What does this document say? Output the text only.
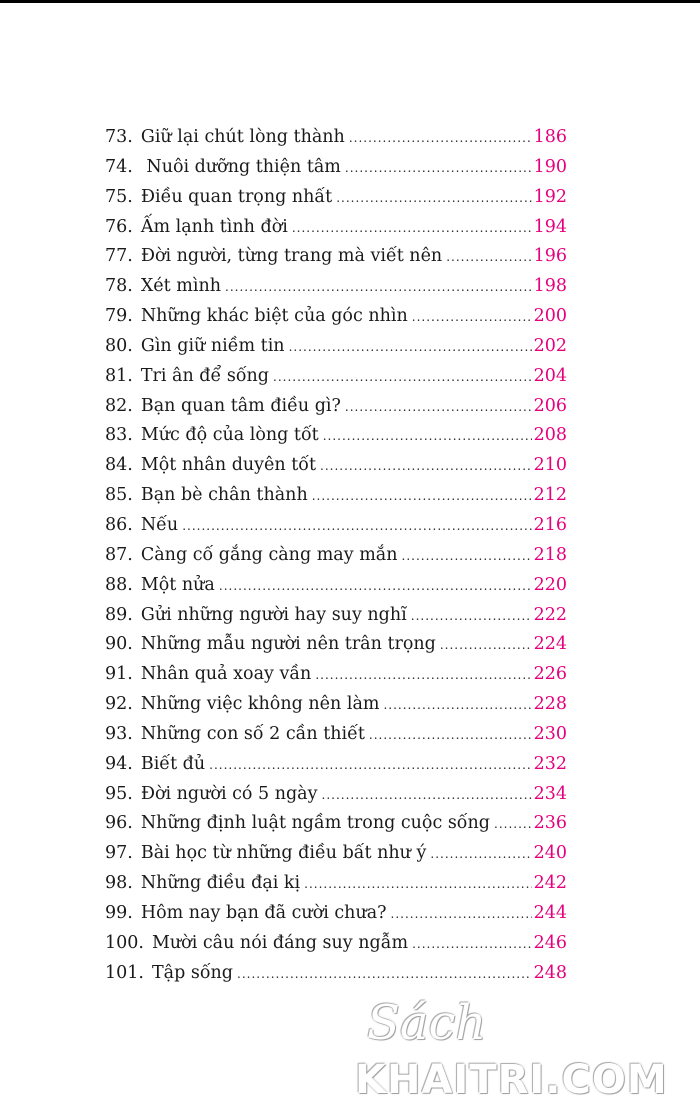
73. Giữ lại chút lòng thành .....	186
74. Nuôi dưỡng thiện tâm .....	190
75. Điều quan trọng nhất .....	192
76. Ấm lạnh tình đời .....	194
77. Đời người, từng trang mà viết nên .....	196
78. Xét mình .....	198
79. Những khác biệt của góc nhìn .....	200
80. Gìn giữ niềm tin .....	202
81. Tri ân để sống .....	204
82. Bạn quan tâm điều gì? .....	206
83. Mức độ của lòng tốt .....	208
84. Một nhân duyên tốt .....	210
85. Bạn bè chân thành .....	212
86. Nếu .....	216
87. Càng cố gắng càng may mắn .....	218
88. Một nửa .....	220
89. Gửi những người hay suy nghĩ .....	222
90. Những mẫu người nên trân trọng .....	224
91. Nhân quả xoay vần .....	226
92. Những việc không nên làm .....	228
93. Những con số 2 cần thiết .....	230
94. Biết đủ .....	232
95. Đời người có 5 ngày .....	234
96. Những định luật ngầm trong cuộc sống ..... 236
97. Bài học từ những điều bất như ý .....	240
98. Những điều đại kị .....	242
99. Hôm nay bạn đã cười chưa? .....	244
100. Mười câu nói đáng suy ngẫm .....	246
101. Tập sống .....	248
Sách
KHAITRI.COM
